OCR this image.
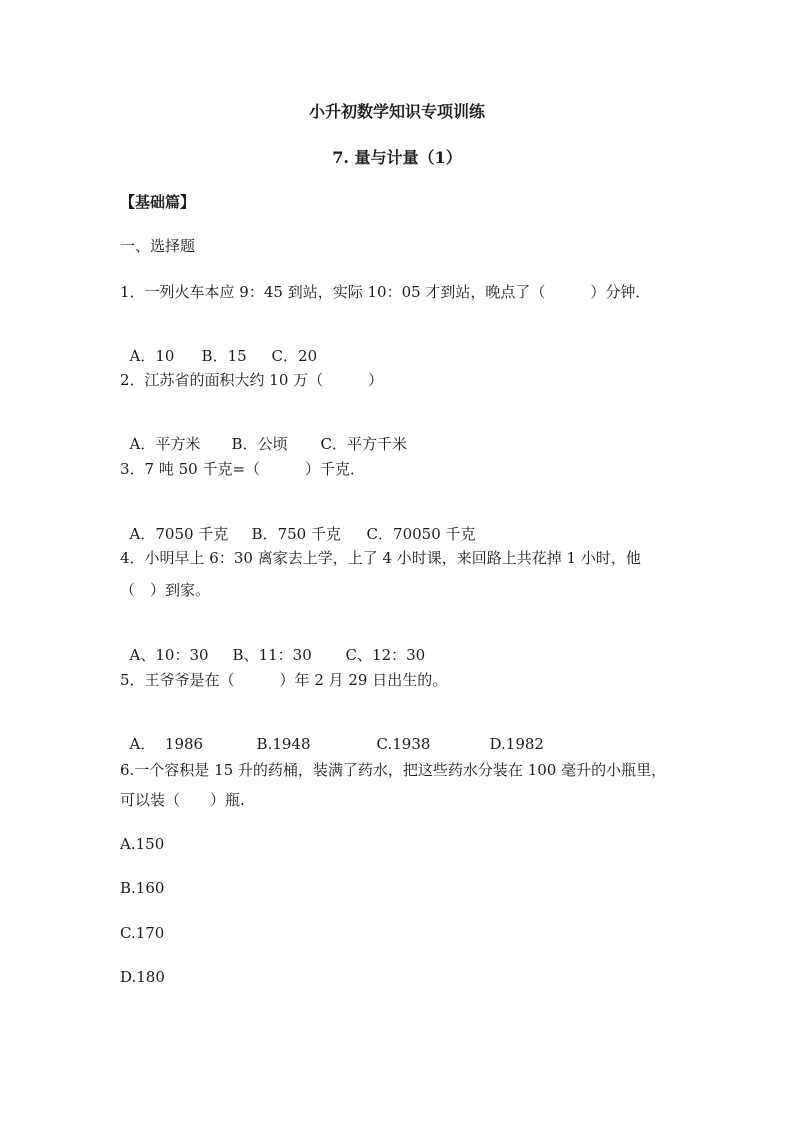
小升初数学知识专项训练
7. 量与计量（1）
【基础篇】
一、选择题
1．一列火车本应 9：45 到站，实际 10：05 才到站，晚点了（　　　）分钟．

A．10 B．15 C．20

2．江苏省的面积大约 10 万（　　　）

A．平方米 B．公顷 C．平方千米

3．7 吨 50 千克=（　　　）千克．

A．7050 千克 B．750 千克 C．70050 千克

4．小明早上 6：30 离家去上学，上了 4 小时课，来回路上共花掉 1 小时，他
（　）到家。

A、10：30 B、11：30 C、12：30

5．王爷爷是在（　　　）年 2 月 29 日出生的。

A．  1986	B.1948	C.1938	D.1982

6.一个容积是 15 升的药桶，装满了药水，把这些药水分装在 100 毫升的小瓶里，
可以装（　　）瓶.
A.150
B.160
C.170
D.180
